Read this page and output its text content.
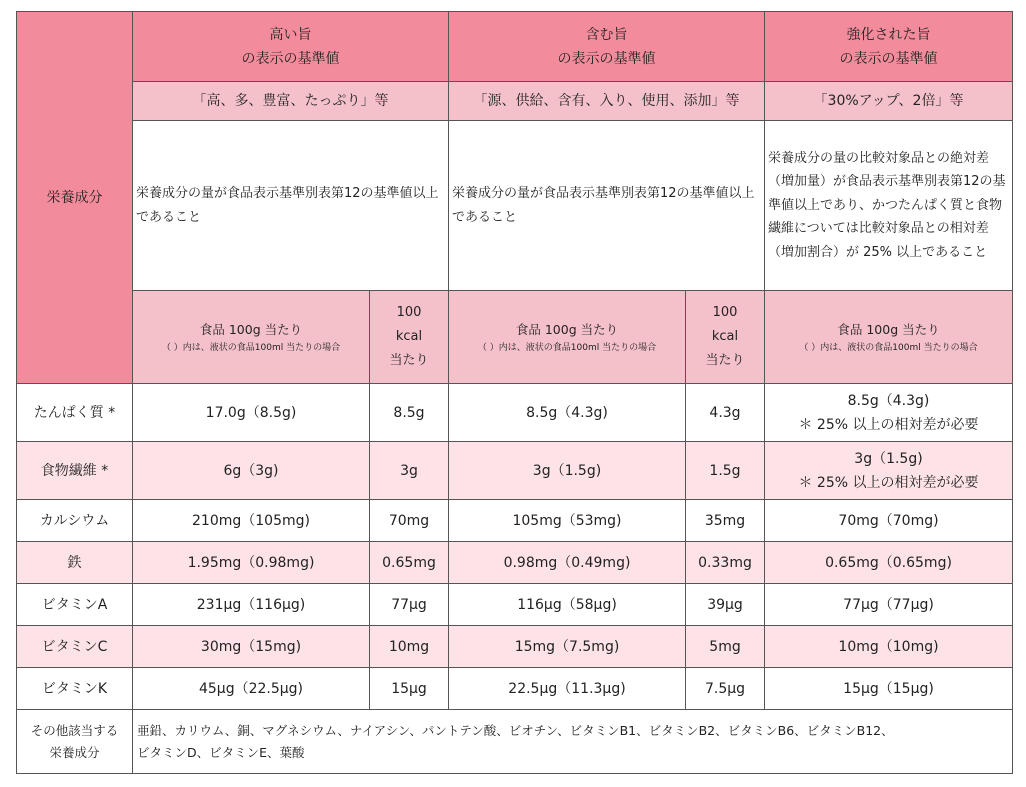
栄養成分	高い旨
の表示の基準値		含む旨
の表示の基準値		強化された旨
の表示の基準値

	「高、多、豊富、たっぷり」等		「源、供給、含有、入り、使用、添加」等		「30%アップ、2倍」等
	栄養成分の量が食品表示基準別表第12の基準値以上であること		栄養成分の量が食品表示基準別表第12の基準値以上であること		栄養成分の量の比較対象品との絶対差（増加量）が食品表示基準別表第12の基準値以上であり、かつたんぱく質と食物繊維については比較対象品との相対差（増加割合）が 25% 以上であること

	食品 100g 当たり
（ ）内は、液状の食品100ml 当たりの場合	100
kcal
当たり	食品 100g 当たり
（ ）内は、液状の食品100ml 当たりの場合	100
kcal
当たり	食品 100g 当たり
（ ）内は、液状の食品100ml 当たりの場合

たんぱく質 *	17.0g（8.5g)	8.5g	8.5g（4.3g)	4.3g	8.5g（4.3g)
＊ 25% 以上の相対差が必要

食物繊維 *	6g（3g)	3g	3g（1.5g)	1.5g	3g（1.5g)
＊ 25% 以上の相対差が必要

カルシウム	210mg（105mg)	70mg	105mg（53mg)	35mg	70mg（70mg)
鉄	1.95mg（0.98mg)	0.65mg	0.98mg（0.49mg)	0.33mg	0.65mg（0.65mg)
ビタミンA	231μg（116μg)	77μg	116μg（58μg)	39μg	77μg（77μg)
ビタミンC	30mg（15mg)	10mg	15mg（7.5mg)	5mg	10mg（10mg)
ビタミンK	45μg（22.5μg)	15μg	22.5μg（11.3μg)	7.5μg	15μg（15μg)

その他該当する
栄養成分	亜鉛、カリウム、銅、マグネシウム、ナイアシン、パントテン酸、ビオチン、ビタミンB1、ビタミンB2、ビタミンB6、ビタミンB12、
ビタミンD、ビタミンE、葉酸				
